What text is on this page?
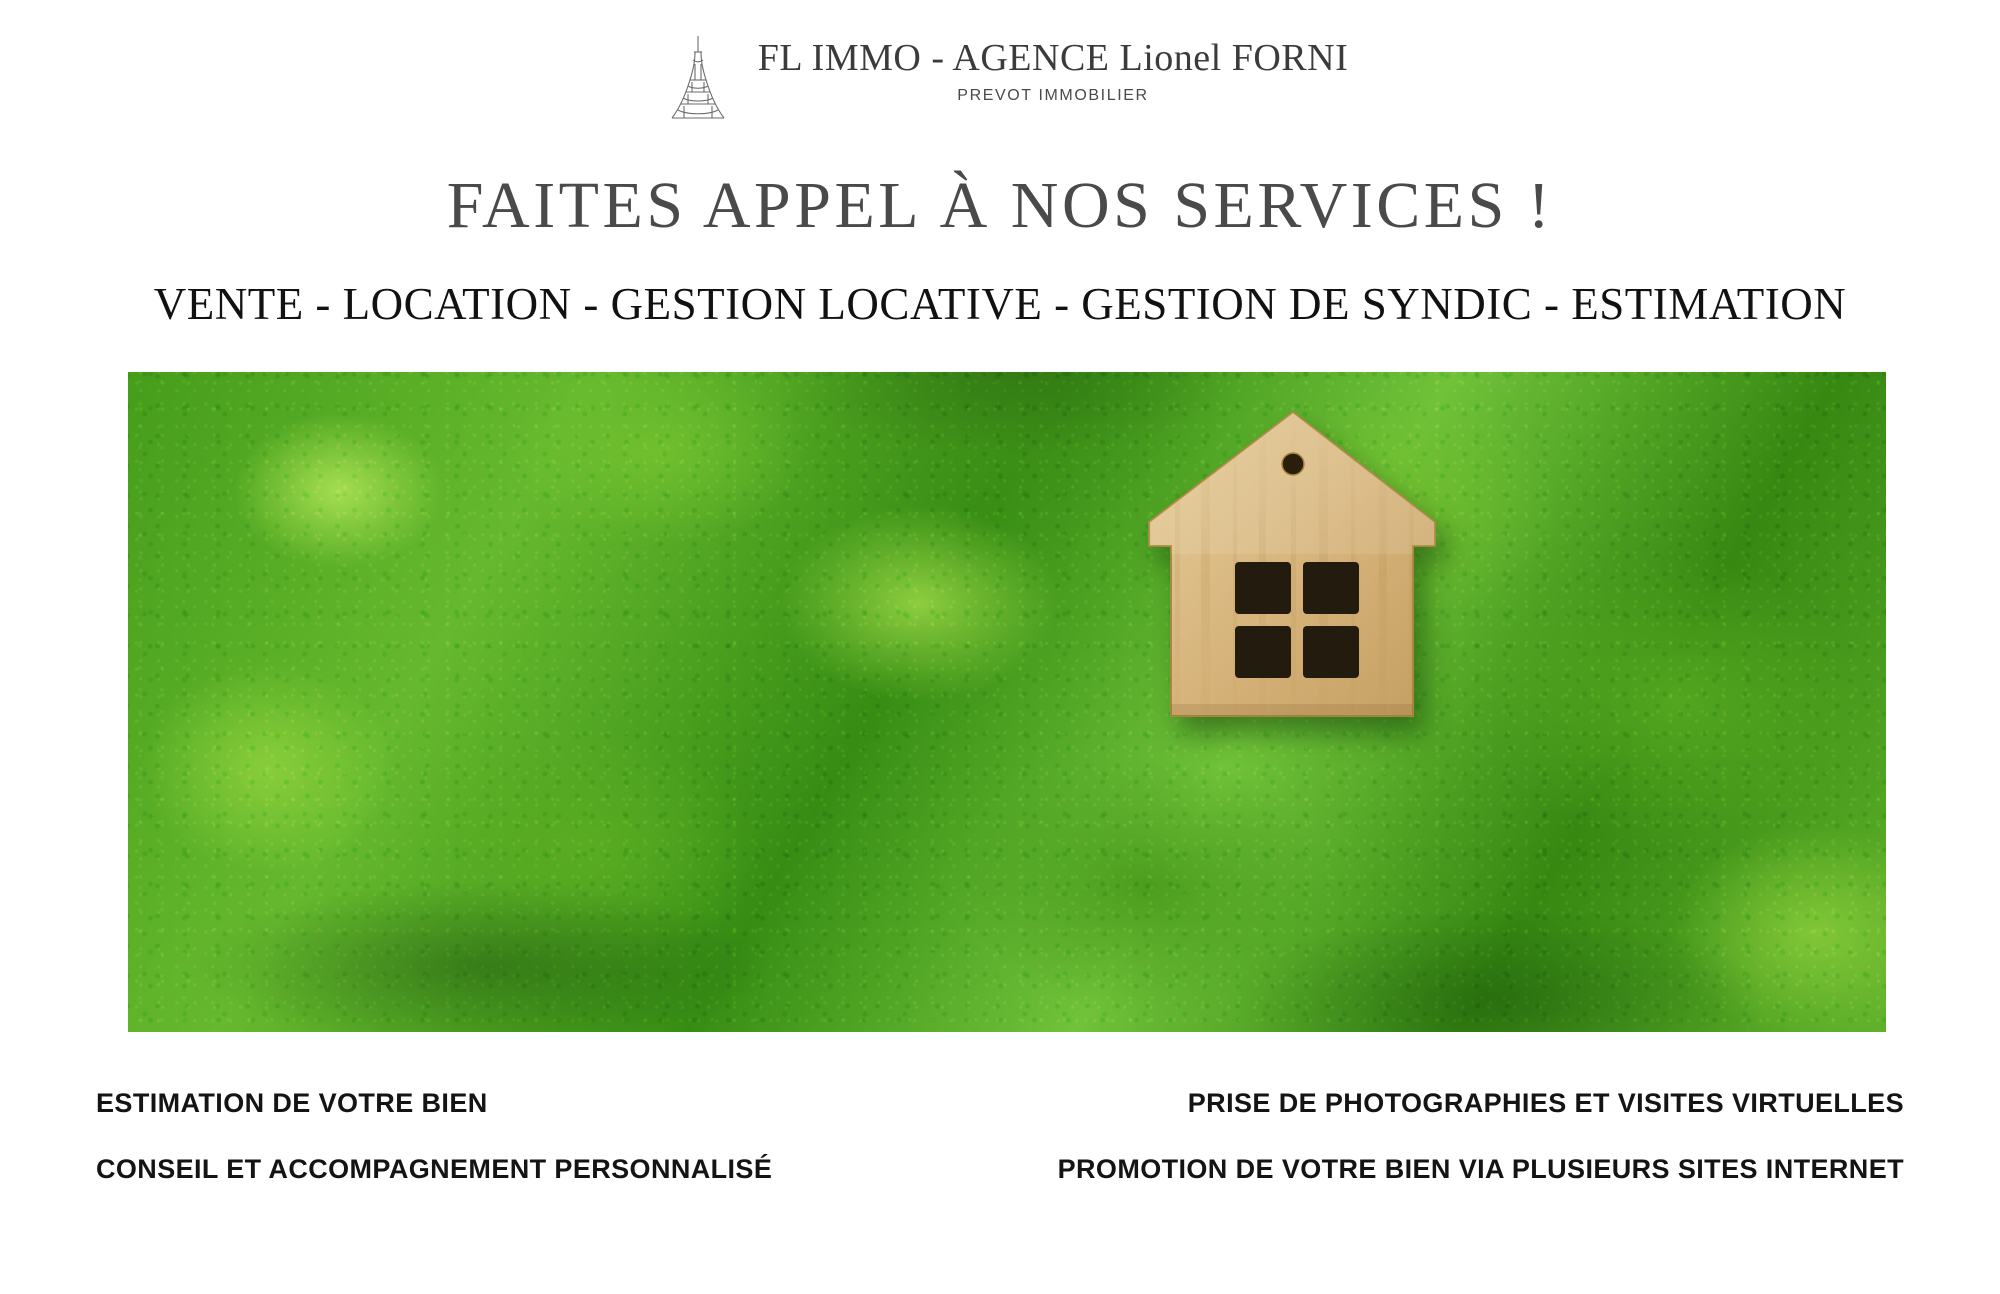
FL IMMO - AGENCE Lionel FORNI
PREVOT IMMOBILIER
FAITES APPEL À NOS SERVICES !
VENTE - LOCATION - GESTION LOCATIVE - GESTION DE SYNDIC - ESTIMATION
ESTIMATION DE VOTRE BIEN
CONSEIL ET ACCOMPAGNEMENT PERSONNALISÉ
PRISE DE PHOTOGRAPHIES ET VISITES VIRTUELLES
PROMOTION DE VOTRE BIEN VIA PLUSIEURS SITES INTERNET
